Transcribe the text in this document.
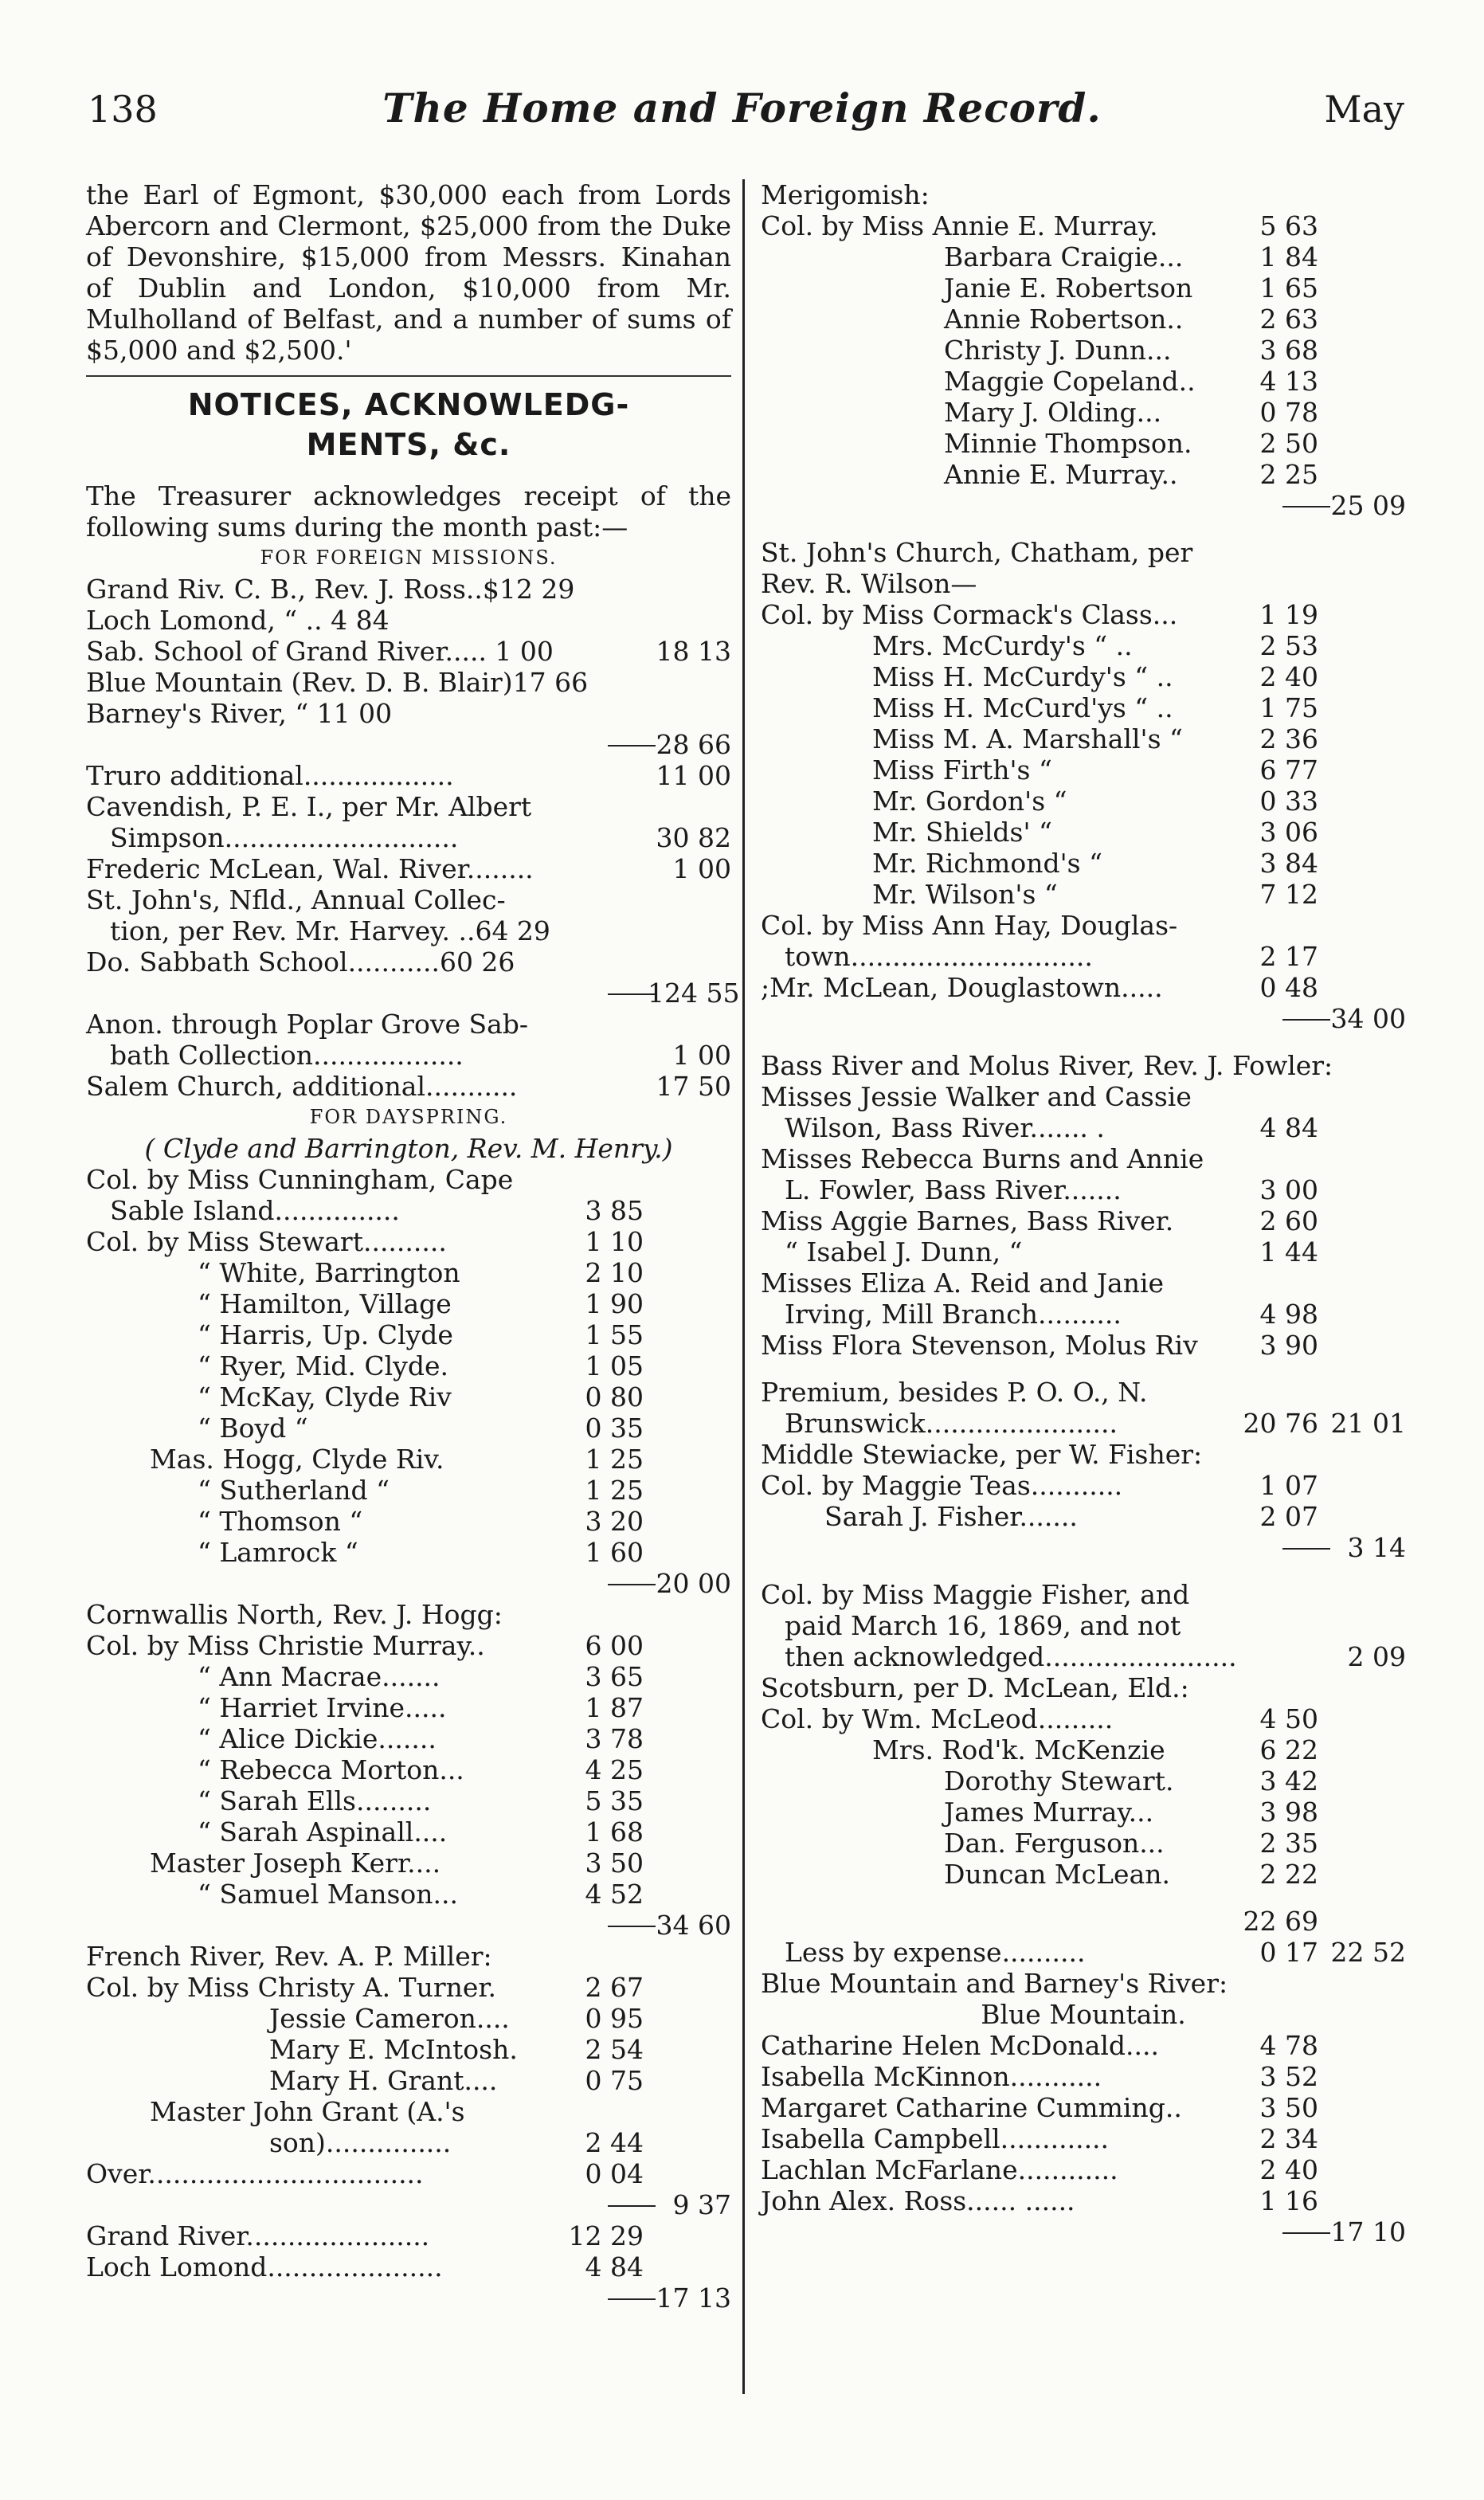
138	The Home and Foreign Record.	May
the Earl of Egmont, $30,000 each from Lords Abercorn and Clermont, $25,000 from the Duke of Devonshire, $15,000 from Messrs. Kinahan of Dublin and London, $10,000 from Mr. Mulholland of Belfast, and a number of sums of $5,000 and $2,500.'
NOTICES, ACKNOWLEDG-
MENTS, &c.
The Treasurer acknowledges receipt of the following sums during the month past:—
FOR FOREIGN MISSIONS.
Grand Riv. C. B., Rev. J. Ross..$12 29
Loch Lomond, “ .. 4 84
Sab. School of Grand River..... 1 00	18 13
Blue Mountain (Rev. D. B. Blair)17 66
Barney's River, “ 11 00
28 66
Truro additional..................	11 00
Cavendish, P. E. I., per Mr. Albert
Simpson............................	30 82
Frederic McLean, Wal. River........	1 00
St. John's, Nfld., Annual Collec-
tion, per Rev. Mr. Harvey. ..64 29
Do. Sabbath School...........60 26
124 55
Anon. through Poplar Grove Sab-
bath Collection..................	1 00
Salem Church, additional...........	17 50
FOR DAYSPRING.
( Clyde and Barrington, Rev. M. Henry.)
Col. by Miss Cunningham, Cape
Sable Island...............	3 85
Col. by Miss Stewart..........	1 10
“ White, Barrington	2 10
“ Hamilton, Village	1 90
“ Harris, Up. Clyde	1 55
“ Ryer, Mid. Clyde.	1 05
“ McKay, Clyde Riv	0 80
“ Boyd “	0 35
Mas. Hogg, Clyde Riv.	1 25
“ Sutherland “	1 25
“ Thomson “	3 20
“ Lamrock “	1 60
20 00
Cornwallis North, Rev. J. Hogg:
Col. by Miss Christie Murray..	6 00
“ Ann Macrae.......	3 65
“ Harriet Irvine.....	1 87
“ Alice Dickie.......	3 78
“ Rebecca Morton...	4 25
“ Sarah Ells.........	5 35
“ Sarah Aspinall....	1 68
Master Joseph Kerr....	3 50
“ Samuel Manson...	4 52
34 60
French River, Rev. A. P. Miller:
Col. by Miss Christy A. Turner.	2 67
Jessie Cameron....	0 95
Mary E. McIntosh.	2 54
Mary H. Grant....	0 75
Master John Grant (A.'s
son)...............	2 44
Over.................................	0 04
9 37
Grand River......................	12 29
Loch Lomond.....................	4 84
17 13
Merigomish:
Col. by Miss Annie E. Murray.	5 63
Barbara Craigie...	1 84
Janie E. Robertson	1 65
Annie Robertson..	2 63
Christy J. Dunn...	3 68
Maggie Copeland..	4 13
Mary J. Olding...	0 78
Minnie Thompson.	2 50
Annie E. Murray..	2 25
25 09
St. John's Church, Chatham, per
Rev. R. Wilson—
Col. by Miss Cormack's Class...	1 19
Mrs. McCurdy's “ ..	2 53
Miss H. McCurdy's “ ..	2 40
Miss H. McCurd'ys “ ..	1 75
Miss M. A. Marshall's “	2 36
Miss Firth's “	6 77
Mr. Gordon's “	0 33
Mr. Shields' “	3 06
Mr. Richmond's “	3 84
Mr. Wilson's “	7 12
Col. by Miss Ann Hay, Douglas-
town.............................	2 17
;Mr. McLean, Douglastown.....	0 48
34 00
Bass River and Molus River, Rev. J. Fowler:
Misses Jessie Walker and Cassie
Wilson, Bass River....... .	4 84
Misses Rebecca Burns and Annie
L. Fowler, Bass River.......	3 00
Miss Aggie Barnes, Bass River.	2 60
“ Isabel J. Dunn, “	1 44
Misses Eliza A. Reid and Janie
Irving, Mill Branch..........	4 98
Miss Flora Stevenson, Molus Riv	3 90
Premium, besides P. O. O., N.
Brunswick.......................	20 76 21 01
Middle Stewiacke, per W. Fisher:
Col. by Maggie Teas...........	1 07
Sarah J. Fisher.......	2 07
3 14
Col. by Miss Maggie Fisher, and
paid March 16, 1869, and not
then acknowledged.......................	2 09
Scotsburn, per D. McLean, Eld.:
Col. by Wm. McLeod.........	4 50
Mrs. Rod'k. McKenzie	6 22
Dorothy Stewart.	3 42
James Murray...	3 98
Dan. Ferguson...	2 35
Duncan McLean.	2 22
22 69
Less by expense..........	0 17 22 52
Blue Mountain and Barney's River:
Blue Mountain.
Catharine Helen McDonald....	4 78
Isabella McKinnon...........	3 52
Margaret Catharine Cumming..	3 50
Isabella Campbell.............	2 34
Lachlan McFarlane............	2 40
John Alex. Ross...... ......	1 16
17 10
